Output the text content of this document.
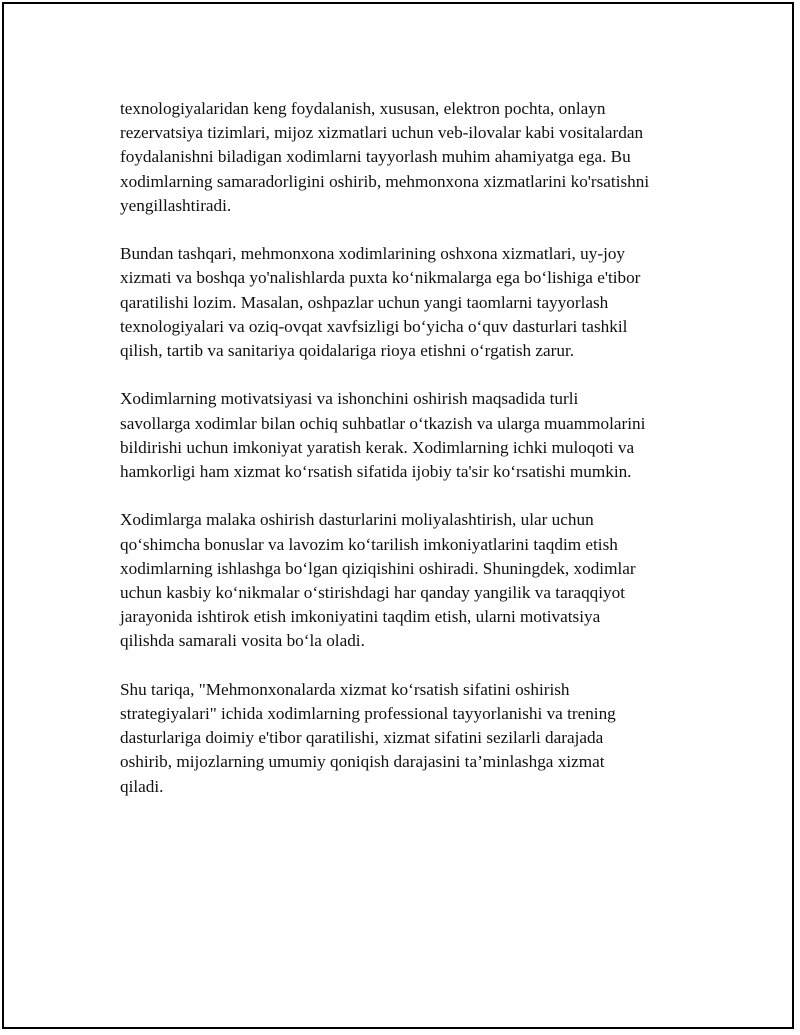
texnologiyalaridan keng foydalanish, xususan, elektron pochta, onlayn
rezervatsiya tizimlari, mijoz xizmatlari uchun veb-ilovalar kabi vositalardan
foydalanishni biladigan xodimlarni tayyorlash muhim ahamiyatga ega. Bu
xodimlarning samaradorligini oshirib, mehmonxona xizmatlarini ko'rsatishni
yengillashtiradi.

Bundan tashqari, mehmonxona xodimlarining oshxona xizmatlari, uy-joy
xizmati va boshqa yo'nalishlarda puxta ko‘nikmalarga ega bo‘lishiga e'tibor
qaratilishi lozim. Masalan, oshpazlar uchun yangi taomlarni tayyorlash
texnologiyalari va oziq-ovqat xavfsizligi bo‘yicha o‘quv dasturlari tashkil
qilish, tartib va sanitariya qoidalariga rioya etishni o‘rgatish zarur.

Xodimlarning motivatsiyasi va ishonchini oshirish maqsadida turli
savollarga xodimlar bilan ochiq suhbatlar o‘tkazish va ularga muammolarini
bildirishi uchun imkoniyat yaratish kerak. Xodimlarning ichki muloqoti va
hamkorligi ham xizmat ko‘rsatish sifatida ijobiy ta'sir ko‘rsatishi mumkin.

Xodimlarga malaka oshirish dasturlarini moliyalashtirish, ular uchun
qo‘shimcha bonuslar va lavozim ko‘tarilish imkoniyatlarini taqdim etish
xodimlarning ishlashga bo‘lgan qiziqishini oshiradi. Shuningdek, xodimlar
uchun kasbiy ko‘nikmalar o‘stirishdagi har qanday yangilik va taraqqiyot
jarayonida ishtirok etish imkoniyatini taqdim etish, ularni motivatsiya
qilishda samarali vosita bo‘la oladi.

Shu tariqa, "Mehmonxonalarda xizmat ko‘rsatish sifatini oshirish
strategiyalari" ichida xodimlarning professional tayyorlanishi va trening
dasturlariga doimiy e'tibor qaratilishi, xizmat sifatini sezilarli darajada
oshirib, mijozlarning umumiy qoniqish darajasini ta’minlashga xizmat
qiladi.
